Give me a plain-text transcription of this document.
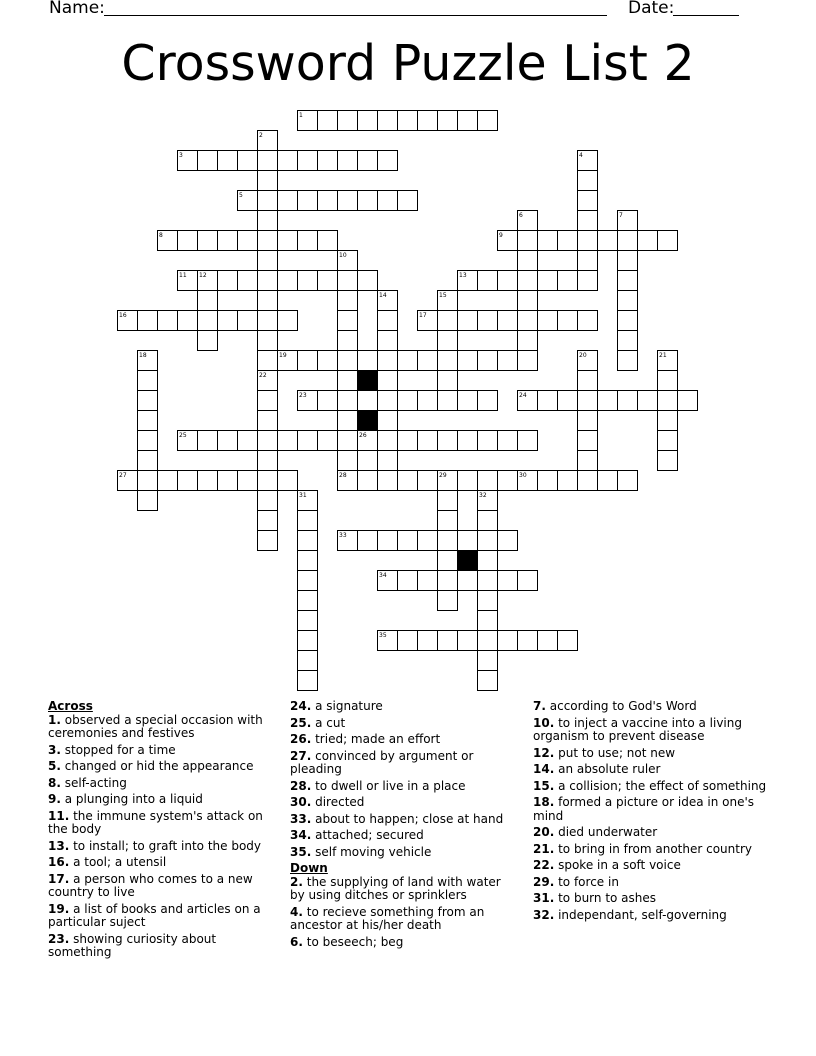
Name:	Date:
Crossword Puzzle List 2
1
3
5
8	9
11	13
16	17
19
23	24
25	26
27	28	30
33
34
35
2
4
6	7
10
12
14	15
18	20	21
22
29
31	32
Across
1. observed a special occasion with ceremonies and festives
3. stopped for a time
5. changed or hid the appearance
8. self-acting
9. a plunging into a liquid
11. the immune system's attack on the body
13. to install; to graft into the body
16. a tool; a utensil
17. a person who comes to a new country to live
19. a list of books and articles on a particular suject
23. showing curiosity about something
24. a signature
25. a cut
26. tried; made an effort
27. convinced by argument or pleading
28. to dwell or live in a place
30. directed
33. about to happen; close at hand
34. attached; secured
35. self moving vehicle
Down
2. the supplying of land with water by using ditches or sprinklers
4. to recieve something from an ancestor at his/her death
6. to beseech; beg
7. according to God's Word
10. to inject a vaccine into a living organism to prevent disease
12. put to use; not new
14. an absolute ruler
15. a collision; the effect of something
18. formed a picture or idea in one's mind
20. died underwater
21. to bring in from another country
22. spoke in a soft voice
29. to force in
31. to burn to ashes
32. independant, self-governing
